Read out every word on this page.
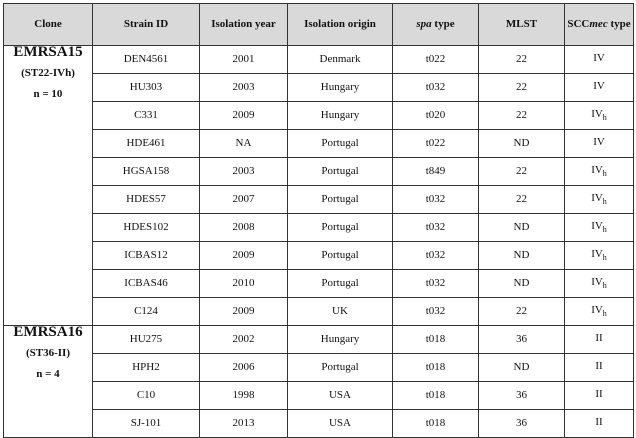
Clone	Strain ID	Isolation year	Isolation origin	spa type	MLST	SCCmec type

EMRSA15
(ST22-IVh)
n = 10	DEN4561	2001	Denmark	t022	22	IV
	HU303	2003	Hungary	t032	22	IV
	C331	2009	Hungary	t020	22	$IV_h$
	HDE461	NA	Portugal	t022	ND	IV
	HGSA158	2003	Portugal	t849	22	$IV_h$
	HDES57	2007	Portugal	t032	22	$IV_h$
	HDES102	2008	Portugal	t032	ND	$IV_h$
	ICBAS12	2009	Portugal	t032	ND	$IV_h$
	ICBAS46	2010	Portugal	t032	ND	$IV_h$
	C124	2009	UK	t032	22	$IV_h$

EMRSA16
(ST36-II)
n = 4	HU275	2002	Hungary	t018	36	II
	HPH2	2006	Portugal	t018	ND	II
	C10	1998	USA	t018	36	II
	SJ-101	2013	USA	t018	36	II
